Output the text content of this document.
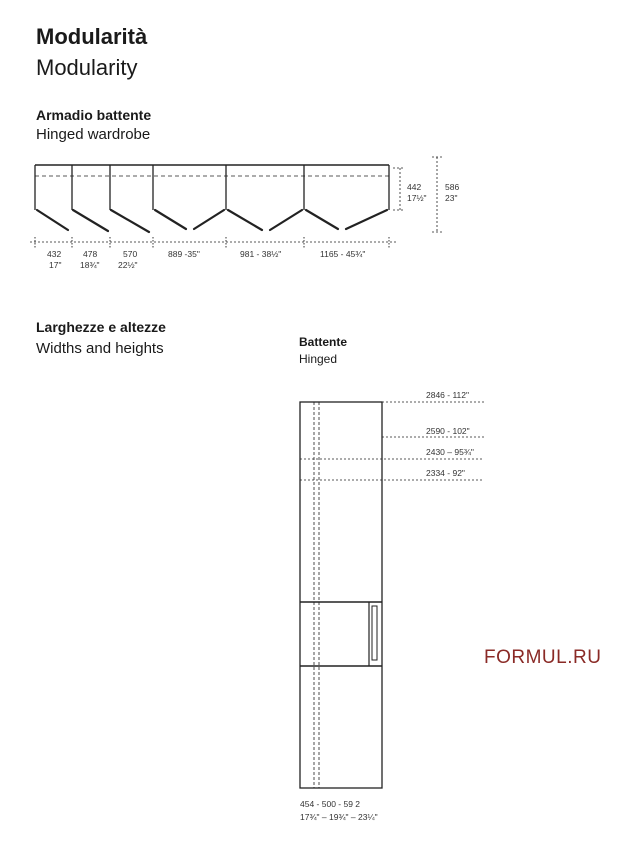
Modularità
Modularity
Armadio battente
Hinged wardrobe
Larghezze e altezze
Widths and heights	Battente
Hinged
FORMUL.RU
442
17½"
586
23"
432
17"
478
18¾"
570
22½"
889 -35"	981 - 38½"	1165 - 45¾"
2846 - 112"
2590 - 102"
2430 – 95¾"
2334 - 92"
454 - 500 - 59 2
17¾" – 19¾" – 23¼"
